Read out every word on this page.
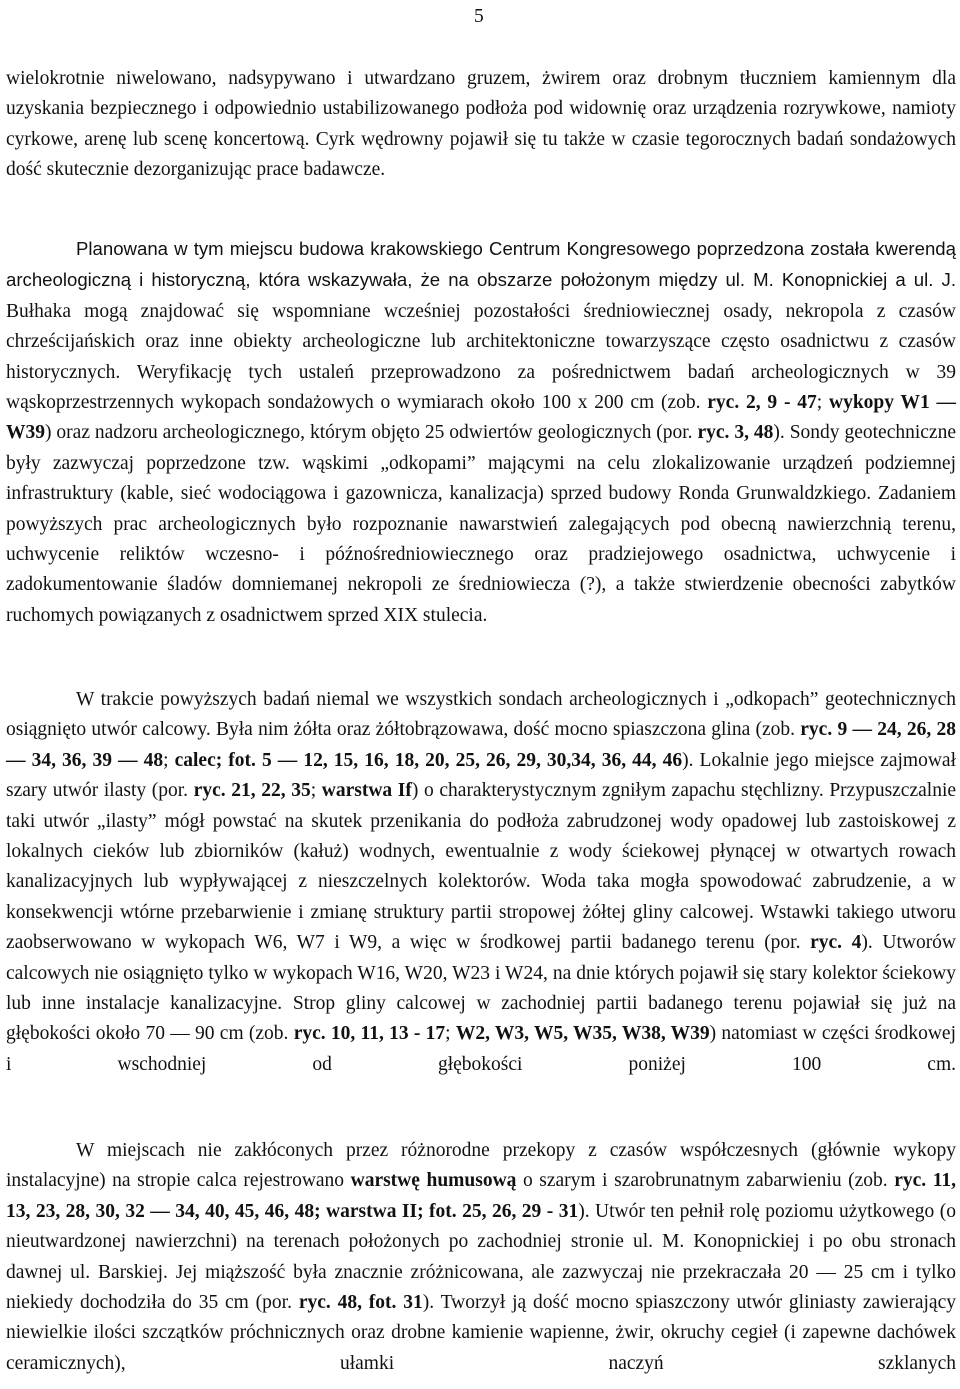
5

wielokrotnie niwelowano, nadsypywano i utwardzano gruzem, żwirem oraz drobnym tłuczniem kamiennym dla uzyskania bezpiecznego i odpowiednio ustabilizowanego podłoża pod widownię oraz urządzenia rozrywkowe, namioty cyrkowe, arenę lub scenę koncertową. Cyrk wędrowny pojawił się tu także w czasie tegorocznych badań sondażowych dość skutecznie dezorganizując prace badawcze.

Planowana w tym miejscu budowa krakowskiego Centrum Kongresowego poprzedzona została kwerendą archeologiczną i historyczną, która wskazywała, że na obszarze położonym między ul. M. Konopnickiej a ul. J. Bułhaka mogą znajdować się wspomniane wcześniej pozostałości średniowiecznej osady, nekropola z czasów chrześcijańskich oraz inne obiekty archeologiczne lub architektoniczne towarzyszące często osadnictwu z czasów historycznych. Weryfikację tych ustaleń przeprowadzono za pośrednictwem badań archeologicznych w 39 wąskoprzestrzennych wykopach sondażowych o wymiarach około 100 x 200 cm (zob. ryc. 2, 9 - 47; wykopy W1 — W39) oraz nadzoru archeologicznego, którym objęto 25 odwiertów geologicznych (por. ryc. 3, 48). Sondy geotechniczne były zazwyczaj poprzedzone tzw. wąskimi „odkopami” mającymi na celu zlokalizowanie urządzeń podziemnej infrastruktury (kable, sieć wodociągowa i gazownicza, kanalizacja) sprzed budowy Ronda Grunwaldzkiego. Zadaniem powyższych prac archeologicznych było rozpoznanie nawarstwień zalegających pod obecną nawierzchnią terenu, uchwycenie reliktów wczesno- i późnośredniowiecznego oraz pradziejowego osadnictwa, uchwycenie i zadokumentowanie śladów domniemanej nekropoli ze średniowiecza (?), a także stwierdzenie obecności zabytków ruchomych powiązanych z osadnictwem sprzed XIX stulecia.

W trakcie powyższych badań niemal we wszystkich sondach archeologicznych i „odkopach” geotechnicznych osiągnięto utwór calcowy. Była nim żółta oraz żółtobrązowawa, dość mocno spiaszczona glina (zob. ryc. 9 — 24, 26, 28 — 34, 36, 39 — 48; calec; fot. 5 — 12, 15, 16, 18, 20, 25, 26, 29, 30,34, 36, 44, 46). Lokalnie jego miejsce zajmował szary utwór ilasty (por. ryc. 21, 22, 35; warstwa If) o charakterystycznym zgniłym zapachu stęchlizny. Przypuszczalnie taki utwór „ilasty” mógł powstać na skutek przenikania do podłoża zabrudzonej wody opadowej lub zastoiskowej z lokalnych cieków lub zbiorników (kałuż) wodnych, ewentualnie z wody ściekowej płynącej w otwartych rowach kanalizacyjnych lub wypływającej z nieszczelnych kolektorów. Woda taka mogła spowodować zabrudzenie, a w konsekwencji wtórne przebarwienie i zmianę struktury partii stropowej żółtej gliny calcowej. Wstawki takiego utworu zaobserwowano w wykopach W6, W7 i W9, a więc w środkowej partii badanego terenu (por. ryc. 4). Utworów calcowych nie osiągnięto tylko w wykopach W16, W20, W23 i W24, na dnie których pojawił się stary kolektor ściekowy lub inne instalacje kanalizacyjne. Strop gliny calcowej w zachodniej partii badanego terenu pojawiał się już na głębokości około 70 — 90 cm (zob. ryc. 10, 11, 13 - 17; W2, W3, W5, W35, W38, W39) natomiast w części środkowej i wschodniej od głębokości poniżej 100 cm.

W miejscach nie zakłóconych przez różnorodne przekopy z czasów współczesnych (głównie wykopy instalacyjne) na stropie calca rejestrowano warstwę humusową o szarym i szarobrunatnym zabarwieniu (zob. ryc. 11, 13, 23, 28, 30, 32 — 34, 40, 45, 46, 48; warstwa II; fot. 25, 26, 29 - 31). Utwór ten pełnił rolę poziomu użytkowego (o nieutwardzonej nawierzchni) na terenach położonych po zachodniej stronie ul. M. Konopnickiej i po obu stronach dawnej ul. Barskiej. Jej miąższość była znacznie zróżnicowana, ale zazwyczaj nie przekraczała 20 — 25 cm i tylko niekiedy dochodziła do 35 cm (por. ryc. 48, fot. 31). Tworzył ją dość mocno spiaszczony utwór gliniasty zawierający niewielkie ilości szczątków próchnicznych oraz drobne kamienie wapienne, żwir, okruchy cegieł (i zapewne dachówek ceramicznych), ułamki naczyń szklanych
